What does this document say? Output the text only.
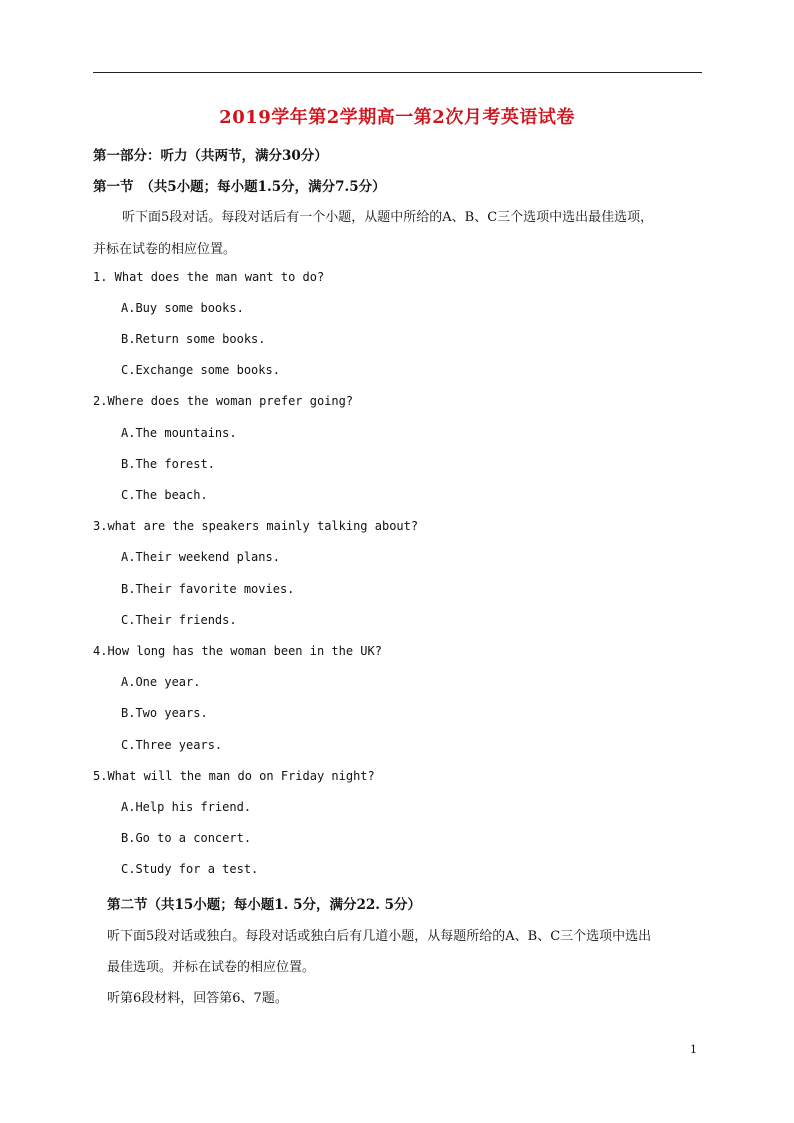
2019学年第2学期高一第2次月考英语试卷
第一部分：听力（共两节，满分30分）
第一节　（共5小题；每小题1.5分，满分7.5分）
听下面5段对话。每段对话后有一个小题，从题中所给的A、B、C三个选项中选出最佳选项，
并标在试卷的相应位置。
1. What does the man want to do?
A.Buy some books.
B.Return some books.
C.Exchange some books.
2.Where does the woman prefer going?
A.The mountains.
B.The forest.
C.The beach.
3.what are the speakers mainly talking about?
A.Their weekend plans.
B.Their favorite movies.
C.Their friends.
4.How long has the woman been in the UK?
A.One year.
B.Two years.
C.Three years.
5.What will the man do on Friday night?
A.Help his friend.
B.Go to a concert.
C.Study for a test.
第二节（共15小题；每小题1. 5分，满分22. 5分）
听下面5段对话或独白。每段对话或独白后有几道小题，从每题所给的A、B、C三个选项中选出
最佳选项。并标在试卷的相应位置。
听第6段材料，回答第6、7题。
1
